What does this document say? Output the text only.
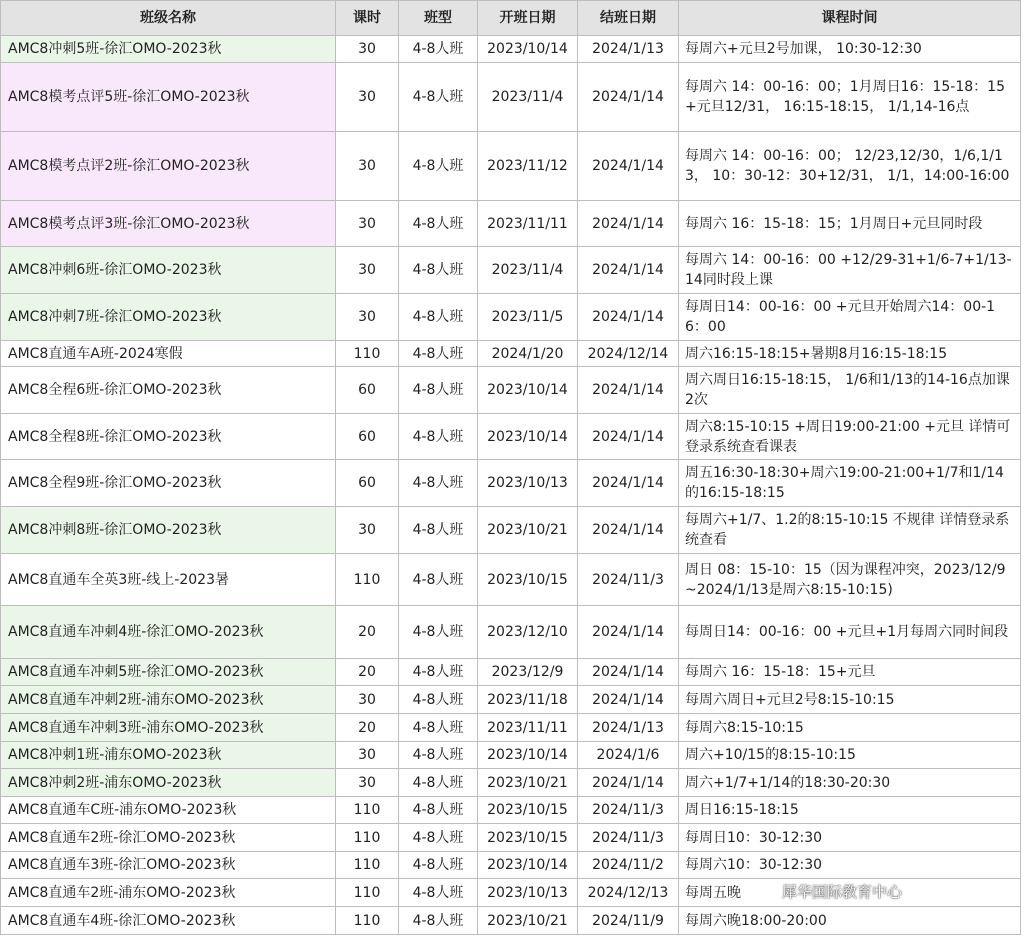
班级名称	课时	班型	开班日期	结班日期	课程时间
AMC8冲刺5班-徐汇OMO-2023秋	30	4-8人班	2023/10/14	2024/1/13	每周六+元旦2号加课， 10:30-12:30
AMC8模考点评5班-徐汇OMO-2023秋	30	4-8人班	2023/11/4	2024/1/14	每周六 14：00-16：00；1月周日16：15-18：15+元旦12/31， 16:15-18:15， 1/1,14-16点
AMC8模考点评2班-徐汇OMO-2023秋	30	4-8人班	2023/11/12	2024/1/14	每周六 14：00-16：00； 12/23,12/30，1/6,1/13， 10：30-12：30+12/31， 1/1，14:00-16:00
AMC8模考点评3班-徐汇OMO-2023秋	30	4-8人班	2023/11/11	2024/1/14	每周六 16：15-18：15；1月周日+元旦同时段
AMC8冲刺6班-徐汇OMO-2023秋	30	4-8人班	2023/11/4	2024/1/14	每周六 14：00-16：00 +12/29-31+1/6-7+1/13-14同时段上课
AMC8冲刺7班-徐汇OMO-2023秋	30	4-8人班	2023/11/5	2024/1/14	每周日14：00-16：00 +元旦开始周六14：00-16：00
AMC8直通车A班-2024寒假	110	4-8人班	2024/1/20	2024/12/14	周六16:15-18:15+暑期8月16:15-18:15
AMC8全程6班-徐汇OMO-2023秋	60	4-8人班	2023/10/14	2024/1/14	周六周日16:15-18:15， 1/6和1/13的14-16点加课2次
AMC8全程8班-徐汇OMO-2023秋	60	4-8人班	2023/10/14	2024/1/14	周六8:15-10:15 +周日19:00-21:00 +元旦 详情可登录系统查看课表
AMC8全程9班-徐汇OMO-2023秋	60	4-8人班	2023/10/13	2024/1/14	周五16:30-18:30+周六19:00-21:00+1/7和1/14的16:15-18:15
AMC8冲刺8班-徐汇OMO-2023秋	30	4-8人班	2023/10/21	2024/1/14	每周六+1/7、1.2的8:15-10:15 不规律 详情登录系统查看
AMC8直通车全英3班-线上-2023暑	110	4-8人班	2023/10/15	2024/11/3	周日 08：15-10：15（因为课程冲突，2023/12/9~2024/1/13是周六8:15-10:15)
AMC8直通车冲刺4班-徐汇OMO-2023秋	20	4-8人班	2023/12/10	2024/1/14	每周日14：00-16：00 +元旦+1月每周六同时间段
AMC8直通车冲刺5班-徐汇OMO-2023秋	20	4-8人班	2023/12/9	2024/1/14	每周六 16：15-18：15+元旦
AMC8直通车冲刺2班-浦东OMO-2023秋	30	4-8人班	2023/11/18	2024/1/14	每周六周日+元旦2号8:15-10:15
AMC8直通车冲刺3班-浦东OMO-2023秋	20	4-8人班	2023/11/11	2024/1/13	每周六8:15-10:15
AMC8冲刺1班-浦东OMO-2023秋	30	4-8人班	2023/10/14	2024/1/6	周六+10/15的8:15-10:15
AMC8冲刺2班-浦东OMO-2023秋	30	4-8人班	2023/10/21	2024/1/14	周六+1/7+1/14的18:30-20:30
AMC8直通车C班-浦东OMO-2023秋	110	4-8人班	2023/10/15	2024/11/3	周日16:15-18:15
AMC8直通车2班-徐汇OMO-2023秋	110	4-8人班	2023/10/15	2024/11/3	每周日10：30-12:30
AMC8直通车3班-徐汇OMO-2023秋	110	4-8人班	2023/10/14	2024/11/2	每周六10：30-12:30
AMC8直通车2班-浦东OMO-2023秋	110	4-8人班	2023/10/13	2024/12/13	每周五晚
AMC8直通车4班-徐汇OMO-2023秋	110	4-8人班	2023/10/21	2024/11/9	每周六晚18:00-20:00
犀华国际教育中心
